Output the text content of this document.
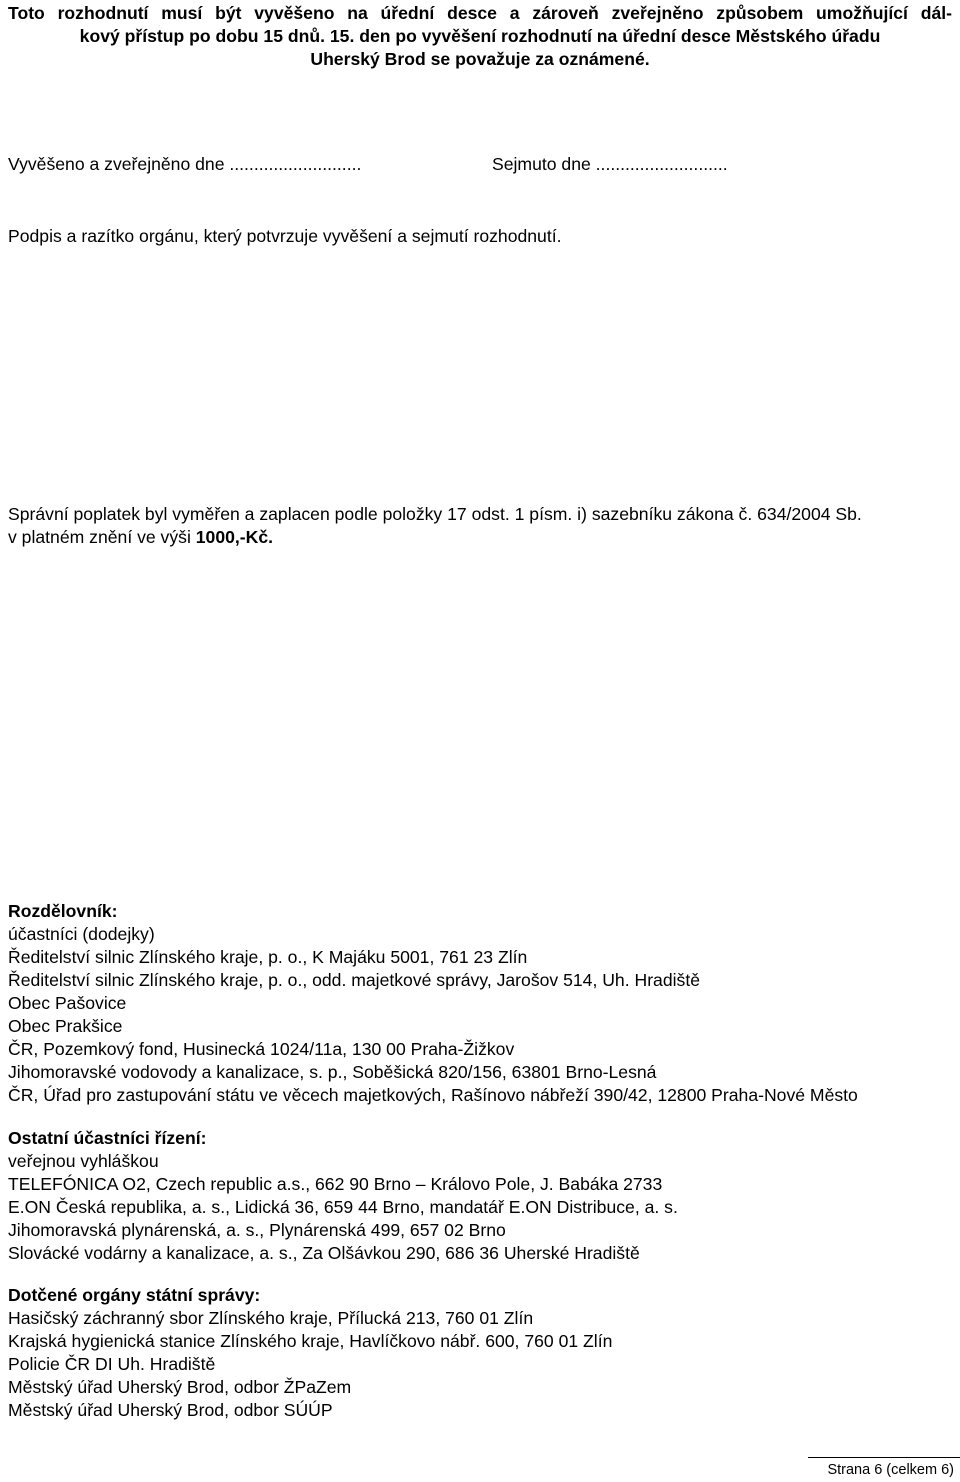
Toto rozhodnutí musí být vyvěšeno na úřední desce a zároveň zveřejněno způsobem umožňující dál-

kový přístup po dobu 15 dnů. 15. den po vyvěšení rozhodnutí na úřední desce Městského úřadu

Uherský Brod se považuje za oznámené.

Vyvěšeno a zveřejněno dne ...........................	Sejmuto dne ...........................
Podpis a razítko orgánu, který potvrzuje vyvěšení a sejmutí rozhodnutí.

Správní poplatek byl vyměřen a zaplacen podle položky 17 odst. 1 písm. i) sazebníku zákona č. 634/2004 Sb.

v platném znění ve výši 1000,-Kč.

Rozdělovník:

účastníci (dodejky)

Ředitelství silnic Zlínského kraje, p. o., K Majáku 5001, 761 23 Zlín

Ředitelství silnic Zlínského kraje, p. o., odd. majetkové správy, Jarošov 514, Uh. Hradiště

Obec Pašovice

Obec Prakšice

ČR, Pozemkový fond, Husinecká 1024/11a, 130 00 Praha-Žižkov

Jihomoravské vodovody a kanalizace, s. p., Soběšická 820/156, 63801 Brno-Lesná

ČR, Úřad pro zastupování státu ve věcech majetkových, Rašínovo nábřeží 390/42, 12800 Praha-Nové Město

Ostatní účastníci řízení:

veřejnou vyhláškou

TELEFÓNICA O2, Czech republic a.s., 662 90 Brno – Královo Pole, J. Babáka 2733

E.ON Česká republika, a. s., Lidická 36, 659 44 Brno, mandatář E.ON Distribuce, a. s.

Jihomoravská plynárenská, a. s., Plynárenská 499, 657 02 Brno

Slovácké vodárny a kanalizace, a. s., Za Olšávkou 290, 686 36 Uherské Hradiště

Dotčené orgány státní správy:

Hasičský záchranný sbor Zlínského kraje, Přílucká 213, 760 01 Zlín

Krajská hygienická stanice Zlínského kraje, Havlíčkovo nábř. 600, 760 01 Zlín

Policie ČR DI Uh. Hradiště

Městský úřad Uherský Brod, odbor ŽPaZem

Městský úřad Uherský Brod, odbor SÚÚP

Strana 6 (celkem 6)
